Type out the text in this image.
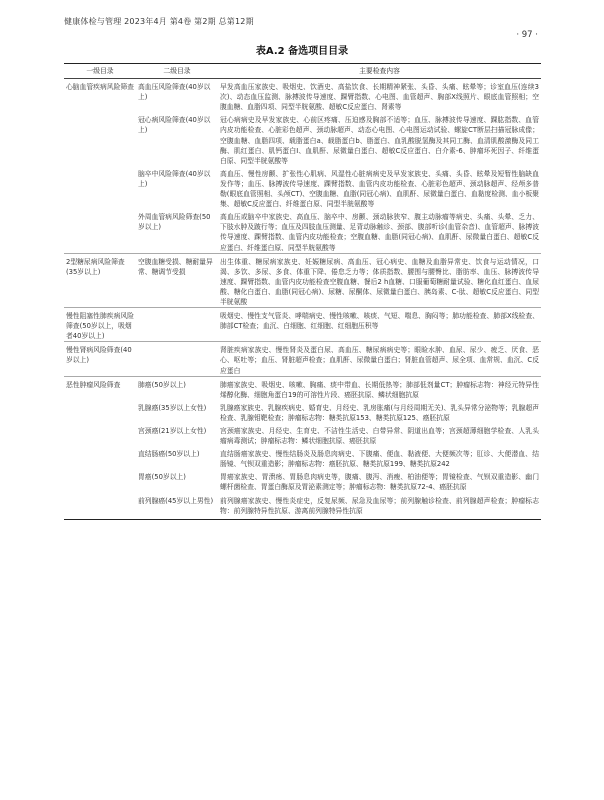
健康体检与管理 2023年4月 第4卷 第2期 总第12期
· 97 ·
表A.2 备选项目目录
一级目录	二级目录	主要检查内容
心脑血管疾病风险筛查	高血压风险筛查(40岁以上)	早发高血压家族史、吸烟史、饮酒史、高盐饮食、长期精神紧张、头昏、头痛、眩晕等；诊室血压(连续3次)、动态血压监测、脉搏波传导速度、踝臂指数、心电图、血管超声、胸部X线照片、眼底血管照相；空腹血糖、血脂四项、同型半胱氨酸、超敏C反应蛋白、肾素等
	冠心病风险筛查(40岁以上)	冠心病病史及早发家族史、心前区疼痛、压迫感及胸部不适等；血压、脉搏波传导速度、踝肱指数、血管内皮功能检查、心脏彩色超声、颈动脉超声、动态心电图、心电图运动试验、螺旋CT断层扫描冠脉成像；空腹血糖、血脂四项、载脂蛋白a、载脂蛋白b、脂蛋白、血乳酸脱氢酶及其同工酶、血清肌酸激酶及同工酶、肌红蛋白、肌钙蛋白Ⅰ、血肌酐、尿微量白蛋白、超敏C反应蛋白、白介素-6、肿瘤坏死因子、纤维蛋白原、同型半胱氨酸等
	脑卒中风险筛查(40岁以上)	高血压、慢性房颤、扩张性心肌病、风湿性心脏病病史及早发家族史、头痛、头昏、眩晕及短暂性脑缺血发作等；血压、脉搏波传导速度、踝臂指数、血管内皮功能检查、心脏彩色超声、颈动脉超声、经颅多普勒(眼底血管照相、头颅CT)、空腹血糖、血脂(同冠心病)、血肌酐、尿微量白蛋白、血黏度检测、血小板聚集、超敏C反应蛋白、纤维蛋白原、同型半胱氨酸等
	外周血管病风险筛查(50岁以上)	高血压或脑卒中家族史、高血压、脑卒中、房颤、颈动脉狭窄、腹主动脉瘤等病史、头痛、头晕、乏力、下肢水肿及跛行等；血压及四肢血压测量、足背动脉触诊、颈部、腹部听诊(血管杂音)、血管超声、脉搏波传导速度、踝臂指数、血管内皮功能检查；空腹血糖、血脂(同冠心病)、血肌酐、尿微量白蛋白、超敏C反应蛋白、纤维蛋白原、同型半胱氨酸等
2型糖尿病风险筛查(35岁以上)	空腹血糖受损、糖耐量异常、糖调节受损	出生体重、糖尿病家族史、妊娠糖尿病、高血压、冠心病史、血糖及血脂异常史、饮食与运动情况，口渴、多饮、多尿、多食、体重下降、倦怠乏力等；体质指数、腰围与腰臀比、脂肪率、血压、脉搏波传导速度、踝臂指数、血管内皮功能检查空腹血糖、餐后2 h血糖、口服葡萄糖耐量试验、糖化血红蛋白、血尿酸、糖化白蛋白、血脂(同冠心病)、尿糖、尿酮体、尿微量白蛋白、胰岛素、C-肽、超敏C反应蛋白、同型半胱氨酸
慢性阻塞性肺疾病风险筛查(50岁以上，吸烟者40岁以上)		吸烟史、慢性支气管炎、哮喘病史、慢性咳嗽、咳痰、气短、喘息、胸闷等；肺功能检查、肺部X线检查、肺部CT检查；血沉、白细胞、红细胞、红细胞压积等
慢性肾病风险筛查(40岁以上)		肾脏疾病家族史、慢性肾炎及蛋白尿、高血压、糖尿病病史等；眼睑水肿、血尿、尿少、疲乏、厌食、恶心、呕吐等；血压、肾脏超声检查；血肌酐、尿微量白蛋白；肾脏血管超声、尿全项、血常规、血沉、C反应蛋白
恶性肿瘤风险筛查	肺癌(50岁以上)	肺癌家族史、吸烟史、咳嗽、胸痛、痰中带血、长期低热等；肺部低剂量CT；肿瘤标志物：神经元特异性烯醇化酶、细胞角蛋白19的可溶性片段、癌胚抗原、鳞状细胞抗原
	乳腺癌(35岁以上女性)	乳腺癌家族史、乳腺疾病史、婚育史、月经史、乳房胀痛(与月经周期无关)、乳头异常分泌物等；乳腺超声检查、乳腺钼靶检查；肿瘤标志物：糖类抗原153、糖类抗原125、癌胚抗原
	宫颈癌(21岁以上女性)	宫颈癌家族史、月经史、生育史、不洁性生活史、白带异常、阴道出血等；宫颈超薄细胞学检查、人乳头瘤病毒测试；肿瘤标志物：鳞状细胞抗原、癌胚抗原
	直结肠癌(50岁以上)	直结肠癌家族史、慢性结肠炎及肠息肉病史、下腹痛、便血、黏液便、大便频次等；肛诊、大便潜血、结肠镜、气钡双重造影；肿瘤标志物：癌胚抗原、糖类抗原199、糖类抗原242
	胃癌(50岁以上)	胃癌家族史、胃溃疡、胃肠息肉病史等，腹痛、腹泻、消瘦、柏油便等；胃镜检查、气钡双重造影、幽门螺杆菌检查、胃蛋白酶原及胃泌素测定等；肿瘤标志物：糖类抗原72-4、癌胚抗原
	前列腺癌(45岁以上男性)	前列腺癌家族史、慢性炎症史，反复尿频、尿急及血尿等；前列腺触诊检查、前列腺超声检查；肿瘤标志物：前列腺特异性抗原、游离前列腺特异性抗原
